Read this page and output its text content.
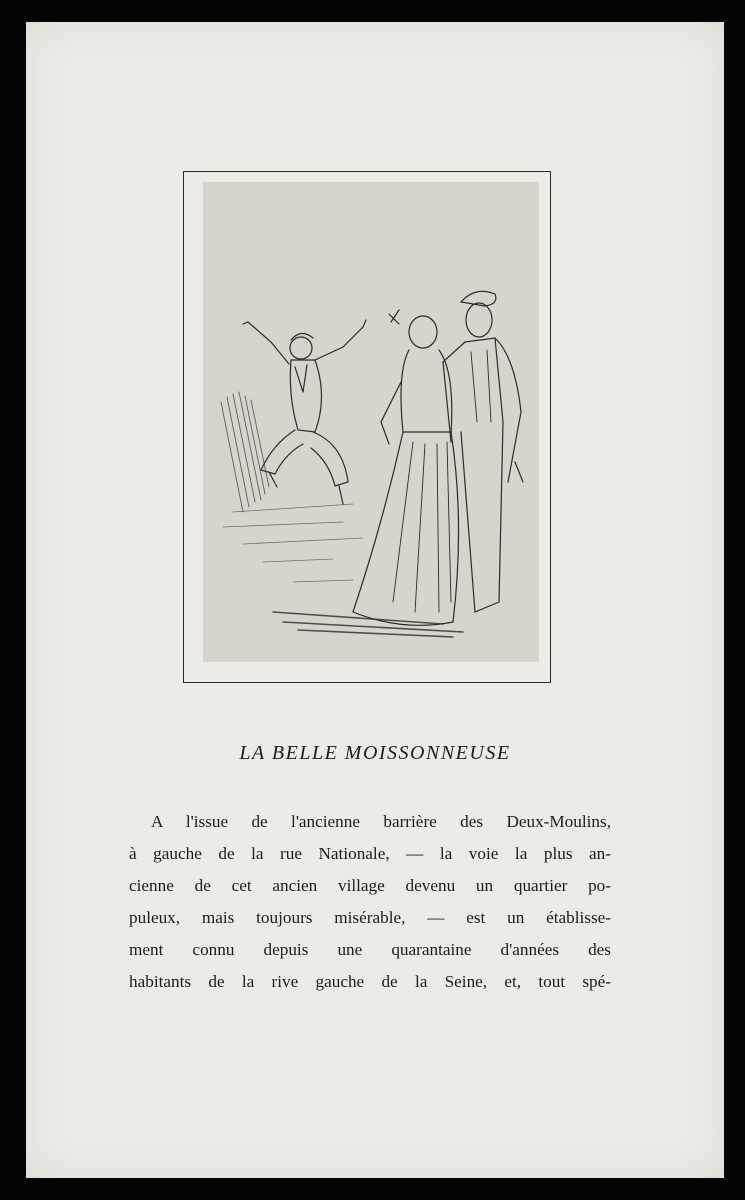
LA BELLE MOISSONNEUSE
A l'issue de l'ancienne barrière des Deux-Moulins,
à gauche de la rue Nationale, — la voie la plus an-
cienne de cet ancien village devenu un quartier po-
puleux, mais toujours misérable, — est un établisse-
ment connu depuis une quarantaine d'années des
habitants de la rive gauche de la Seine, et, tout spé-
